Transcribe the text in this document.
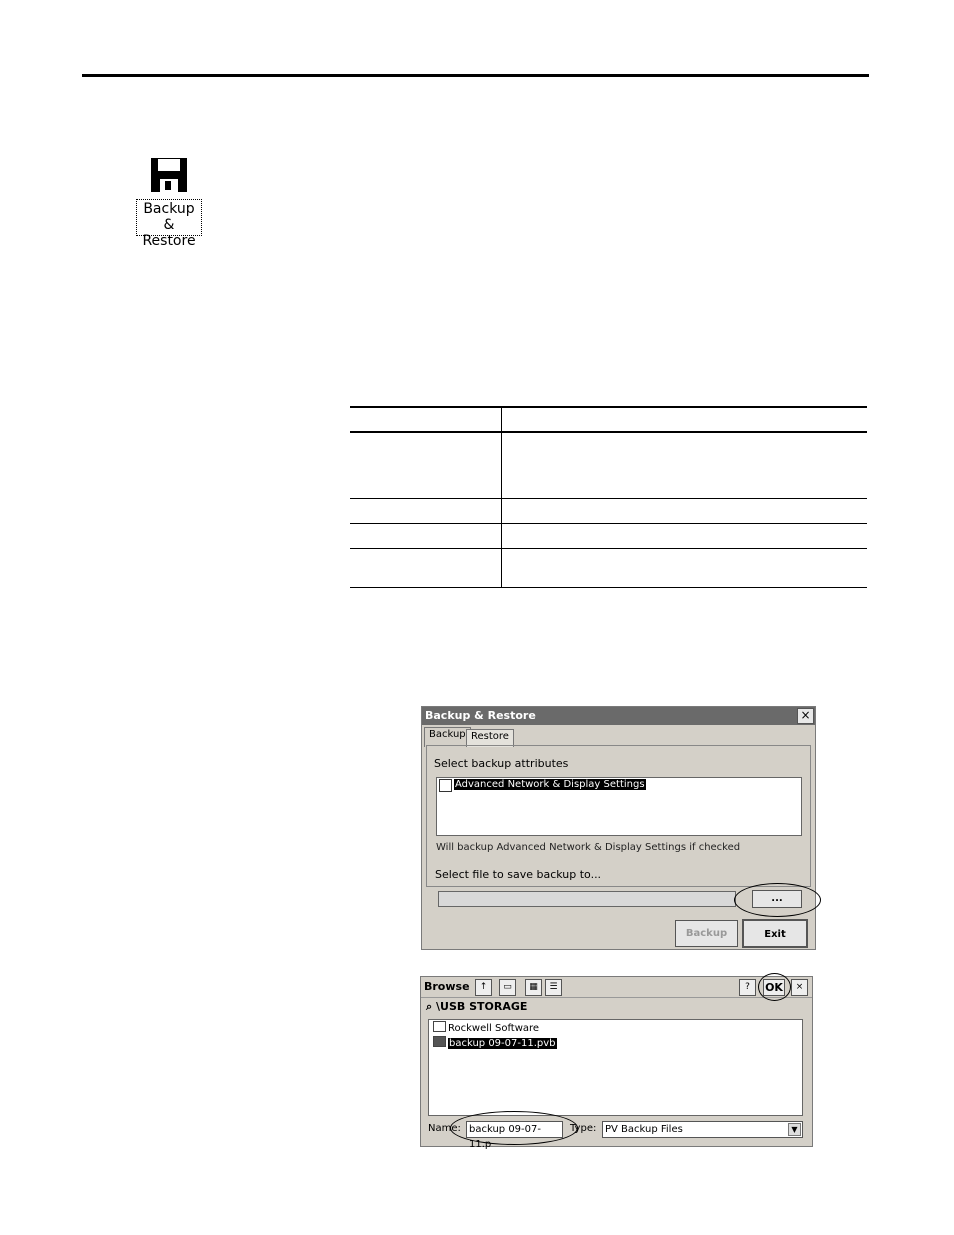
Backup &
Restore
Backup & Restore	×
Backup Restore
Select backup attributes
Advanced Network & Display Settings
Will backup Advanced Network & Display Settings if checked
Select file to save backup to...
...
Backup	Exit
Browse	↑	▭	▦	☰	?	OK	×
⌕ \USB STORAGE
Rockwell Software
backup 09-07-11.pvb
Name: backup 09-07-11.p
Type: PV Backup Files	▼
